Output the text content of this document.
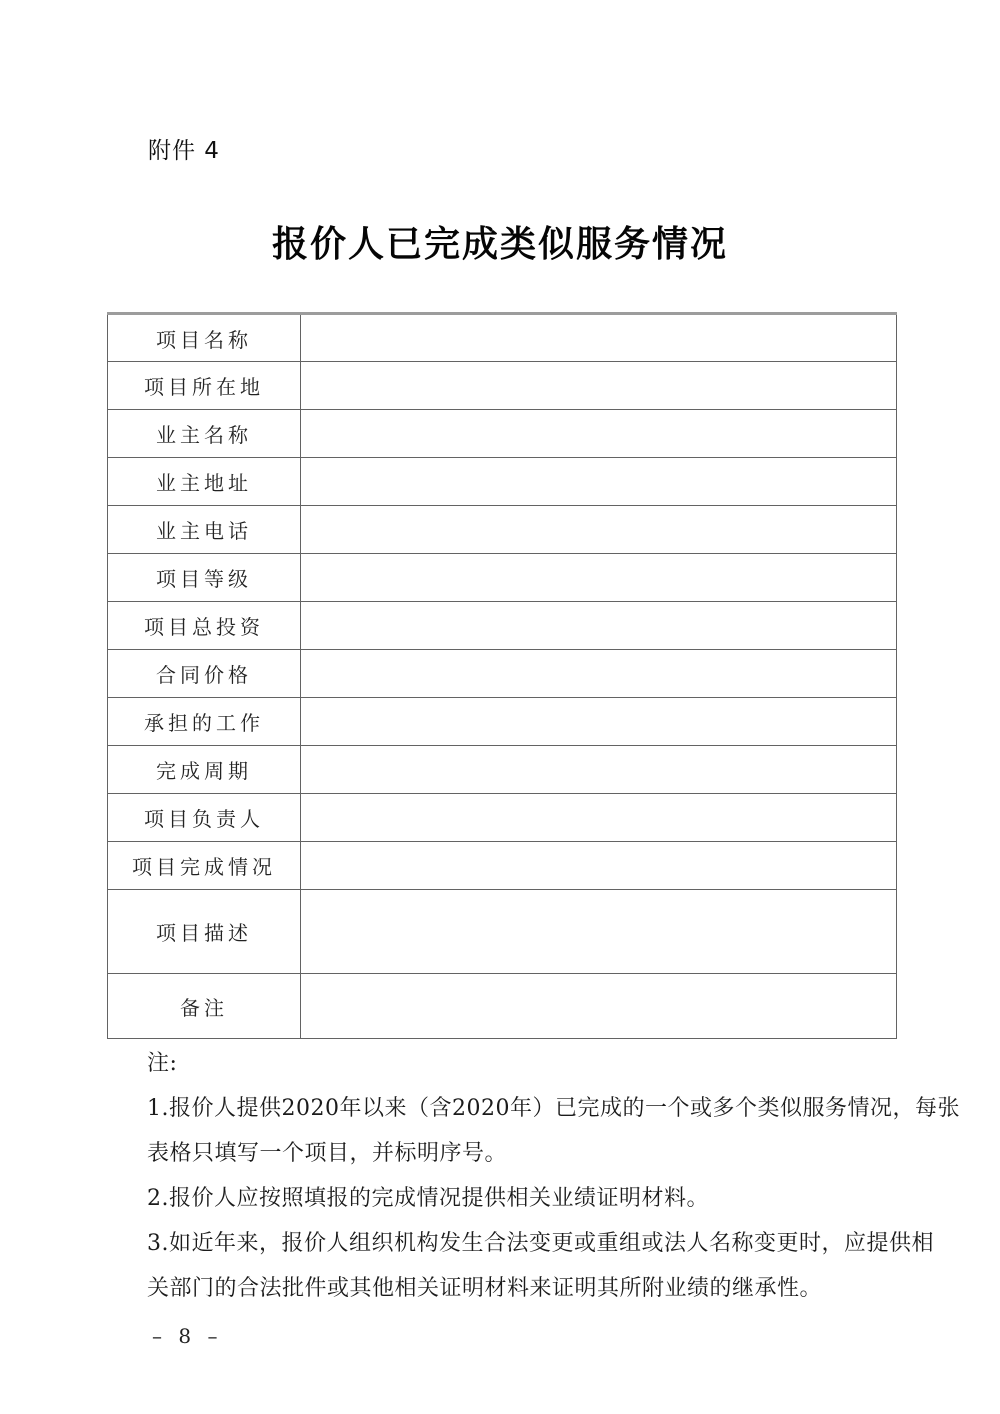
附件 4
报价人已完成类似服务情况
项目名称	
项目所在地	
业主名称	
业主地址	
业主电话	
项目等级	
项目总投资	
合同价格	
承担的工作	
完成周期	
项目负责人	
项目完成情况	
项目描述	
备注	
注:
1.报价人提供2020年以来（含2020年）已完成的一个或多个类似服务情况，每张
表格只填写一个项目，并标明序号。
2.报价人应按照填报的完成情况提供相关业绩证明材料。
3.如近年来，报价人组织机构发生合法变更或重组或法人名称变更时，应提供相
关部门的合法批件或其他相关证明材料来证明其所附业绩的继承性。
– 8 –
